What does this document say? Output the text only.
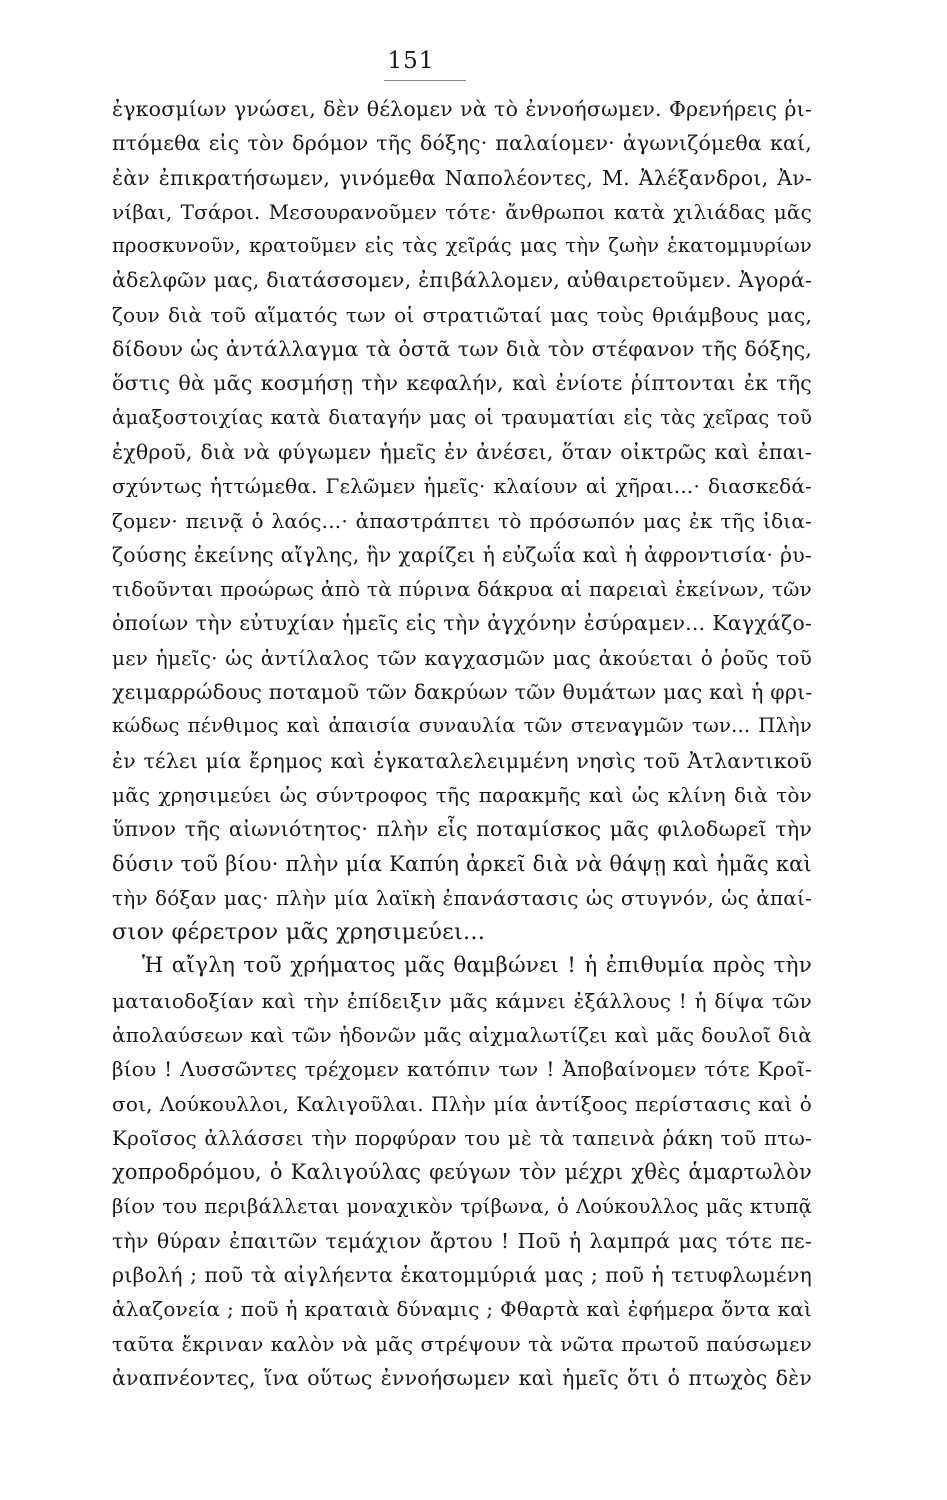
151
ἐγκοσμίων γνώσει, δὲν θέλομεν νὰ τὸ ἐννοήσωμεν. Φρενήρεις ῥι-
πτόμεθα εἰς τὸν δρόμον τῆς δόξης· παλαίομεν· ἀγωνιζόμεθα καί,
ἐὰν ἐπικρατήσωμεν, γινόμεθα Ναπολέοντες, Μ. Ἀλέξανδροι, Ἀν-
νίβαι, Τσάροι. Μεσουρανοῦμεν τότε· ἄνθρωποι κατὰ χιλιάδας μᾶς
προσκυνοῦν, κρατοῦμεν εἰς τὰς χεῖράς μας τὴν ζωὴν ἑκατομμυρίων
ἀδελφῶν μας, διατάσσομεν, ἐπιβάλλομεν, αὐθαιρετοῦμεν. Ἀγορά-
ζουν διὰ τοῦ αἵματός των οἱ στρατιῶταί μας τοὺς θριάμβους μας,
δίδουν ὡς ἀντάλλαγμα τὰ ὀστᾶ των διὰ τὸν στέφανον τῆς δόξης,
ὅστις θὰ μᾶς κοσμήσῃ τὴν κεφαλήν, καὶ ἐνίοτε ῥίπτονται ἐκ τῆς
ἁμαξοστοιχίας κατὰ διαταγήν μας οἱ τραυματίαι εἰς τὰς χεῖρας τοῦ
ἐχθροῦ, διὰ νὰ φύγωμεν ἡμεῖς ἐν ἀνέσει, ὅταν οἰκτρῶς καὶ ἐπαι-
σχύντως ἡττώμεθα. Γελῶμεν ἡμεῖς· κλαίουν αἱ χῆραι...· διασκεδά-
ζομεν· πεινᾷ ὁ λαός...· ἀπαστράπτει τὸ πρόσωπόν μας ἐκ τῆς ἰδια-
ζούσης ἐκείνης αἴγλης, ἣν χαρίζει ἡ εὐζωΐα καὶ ἡ ἀφροντισία· ῥυ-
τιδοῦνται προώρως ἀπὸ τὰ πύρινα δάκρυα αἱ παρειαὶ ἐκείνων, τῶν
ὁποίων τὴν εὐτυχίαν ἡμεῖς εἰς τὴν ἀγχόνην ἐσύραμεν... Καγχάζο-
μεν ἡμεῖς· ὡς ἀντίλαλος τῶν καγχασμῶν μας ἀκούεται ὁ ῥοῦς τοῦ
χειμαρρώδους ποταμοῦ τῶν δακρύων τῶν θυμάτων μας καὶ ἡ φρι-
κώδως πένθιμος καὶ ἀπαισία συναυλία τῶν στεναγμῶν των... Πλὴν
ἐν τέλει μία ἔρημος καὶ ἐγκαταλελειμμένη νησὶς τοῦ Ἀτλαντικοῦ
μᾶς χρησιμεύει ὡς σύντροφος τῆς παρακμῆς καὶ ὡς κλίνη διὰ τὸν
ὕπνον τῆς αἰωνιότητος· πλὴν εἷς ποταμίσκος μᾶς φιλοδωρεῖ τὴν
δύσιν τοῦ βίου· πλὴν μία Καπύη ἀρκεῖ διὰ νὰ θάψῃ καὶ ἡμᾶς καὶ
τὴν δόξαν μας· πλὴν μία λαϊκὴ ἐπανάστασις ὡς στυγνόν, ὡς ἀπαί-
σιον φέρετρον μᾶς χρησιμεύει...
Ἡ αἴγλη τοῦ χρήματος μᾶς θαμβώνει ! ἡ ἐπιθυμία πρὸς τὴν
ματαιοδοξίαν καὶ τὴν ἐπίδειξιν μᾶς κάμνει ἐξάλλους ! ἡ δίψα τῶν
ἀπολαύσεων καὶ τῶν ἡδονῶν μᾶς αἰχμαλωτίζει καὶ μᾶς δουλοῖ διὰ
βίου ! Λυσσῶντες τρέχομεν κατόπιν των ! Ἀποβαίνομεν τότε Κροῖ-
σοι, Λούκουλλοι, Καλιγοῦλαι. Πλὴν μία ἀντίξοος περίστασις καὶ ὁ
Κροῖσος ἀλλάσσει τὴν πορφύραν του μὲ τὰ ταπεινὰ ῥάκη τοῦ πτω-
χοπροδρόμου, ὁ Καλιγούλας φεύγων τὸν μέχρι χθὲς ἁμαρτωλὸν
βίον του περιβάλλεται μοναχικὸν τρίβωνα, ὁ Λούκουλλος μᾶς κτυπᾷ
τὴν θύραν ἐπαιτῶν τεμάχιον ἄρτου ! Ποῦ ἡ λαμπρά μας τότε πε-
ριβολή ; ποῦ τὰ αἰγλήεντα ἑκατομμύριά μας ; ποῦ ἡ τετυφλωμένη
ἀλαζονεία ; ποῦ ἡ κραταιὰ δύναμις ; Φθαρτὰ καὶ ἐφήμερα ὄντα καὶ
ταῦτα ἔκριναν καλὸν νὰ μᾶς στρέψουν τὰ νῶτα πρωτοῦ παύσωμεν
ἀναπνέοντες, ἵνα οὕτως ἐννοήσωμεν καὶ ἡμεῖς ὅτι ὁ πτωχὸς δὲν
